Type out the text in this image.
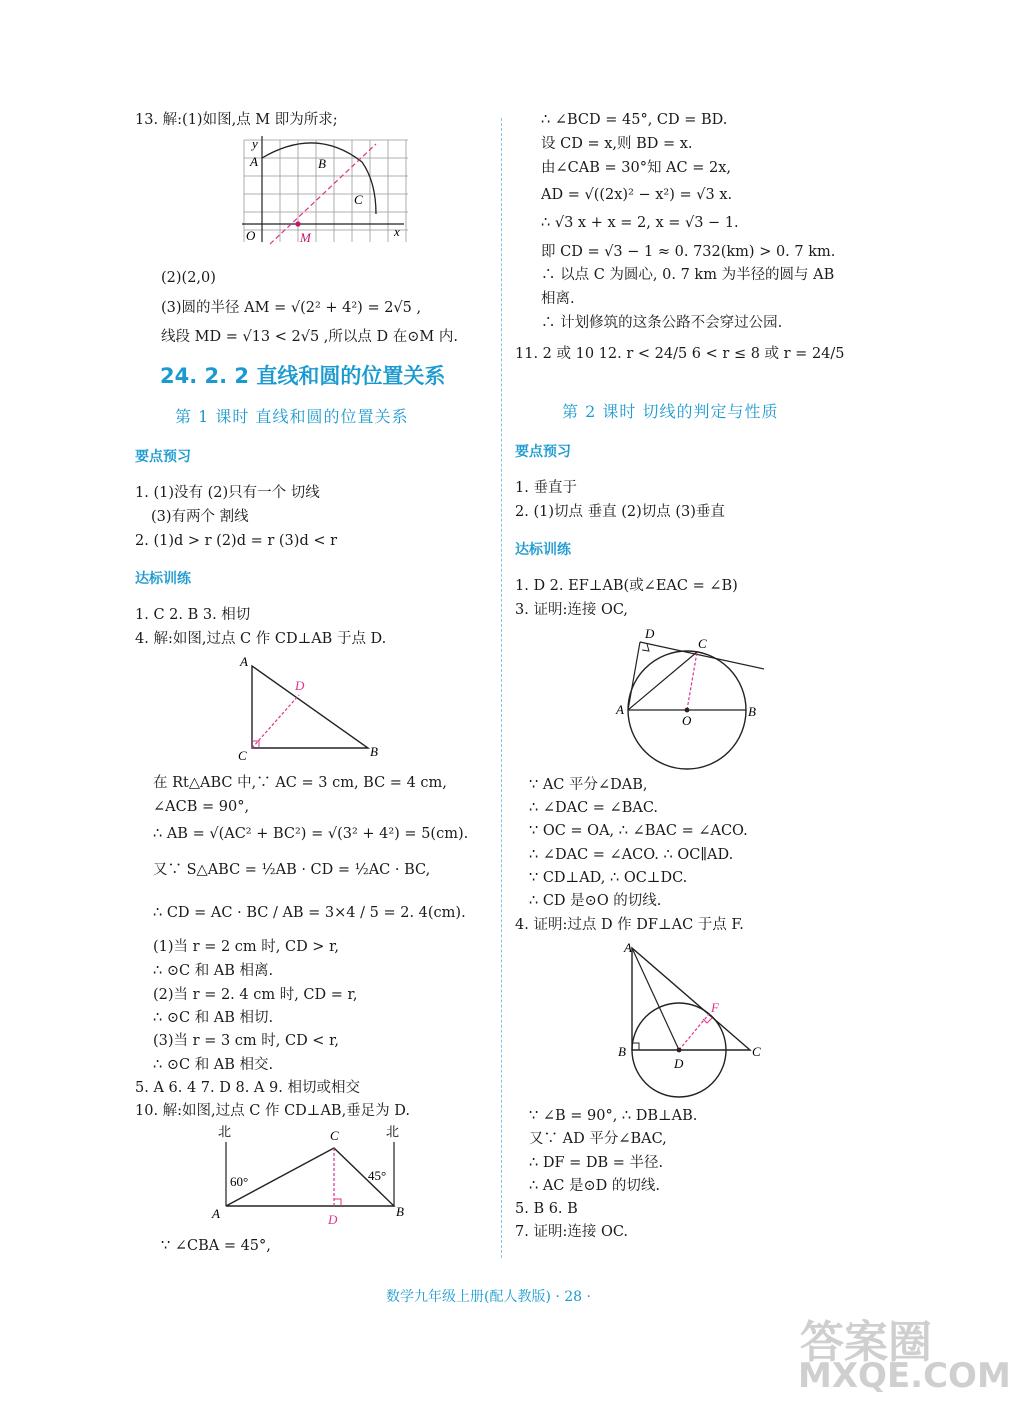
13. 解:(1)如图,点 M 即为所求;
y
x
A	B
C
O	M
(2)(2,0)
(3)圆的半径 AM = √(2² + 4²) = 2√5 ,
线段 MD = √13 < 2√5 ,所以点 D 在⊙M 内.
24. 2. 2 直线和圆的位置关系
第 1 课时 直线和圆的位置关系
要点预习
1. (1)没有 (2)只有一个 切线
(3)有两个 割线
2. (1)d > r (2)d = r (3)d < r
达标训练
1. C 2. B 3. 相切
4. 解:如图,过点 C 作 CD⊥AB 于点 D.
A
D
C	B
在 Rt△ABC 中,∵ AC = 3 cm, BC = 4 cm,
∠ACB = 90°,
∴ AB = √(AC² + BC²) = √(3² + 4²) = 5(cm).
又∵ S△ABC = ½AB · CD = ½AC · BC,
∴ CD = AC · BC / AB = 3×4 / 5 = 2. 4(cm).
(1)当 r = 2 cm 时, CD > r,
∴ ⊙C 和 AB 相离.
(2)当 r = 2. 4 cm 时, CD = r,
∴ ⊙C 和 AB 相切.
(3)当 r = 3 cm 时, CD < r,
∴ ⊙C 和 AB 相交.
5. A 6. 4 7. D 8. A 9. 相切或相交
10. 解:如图,过点 C 作 CD⊥AB,垂足为 D.
北	北
C
60°	45°
A	B
D
∵ ∠CBA = 45°,
∴ ∠BCD = 45°, CD = BD.
设 CD = x,则 BD = x.
由∠CAB = 30°知 AC = 2x,
AD = √((2x)² − x²) = √3 x.
∴ √3 x + x = 2, x = √3 − 1.
即 CD = √3 − 1 ≈ 0. 732(km) > 0. 7 km.
∴ 以点 C 为圆心, 0. 7 km 为半径的圆与 AB
相离.
∴ 计划修筑的这条公路不会穿过公园.
11. 2 或 10 12. r < 24/5 6 < r ≤ 8 或 r = 24/5
第 2 课时 切线的判定与性质
要点预习
1. 垂直于
2. (1)切点 垂直 (2)切点 (3)垂直
达标训练
1. D 2. EF⊥AB(或∠EAC = ∠B)
3. 证明:连接 OC,
D
C
A
O
B
∵ AC 平分∠DAB,
∴ ∠DAC = ∠BAC.
∵ OC = OA, ∴ ∠BAC = ∠ACO.
∴ ∠DAC = ∠ACO. ∴ OC∥AD.
∵ CD⊥AD, ∴ OC⊥DC.
∴ CD 是⊙O 的切线.
4. 证明:过点 D 作 DF⊥AC 于点 F.
A
F
B	C
D
∵ ∠B = 90°, ∴ DB⊥AB.
又∵ AD 平分∠BAC,
∴ DF = DB = 半径.
∴ AC 是⊙D 的切线.
5. B 6. B
7. 证明:连接 OC.
数学九年级上册(配人教版) · 28 ·
答案圈
MXQE.COM
